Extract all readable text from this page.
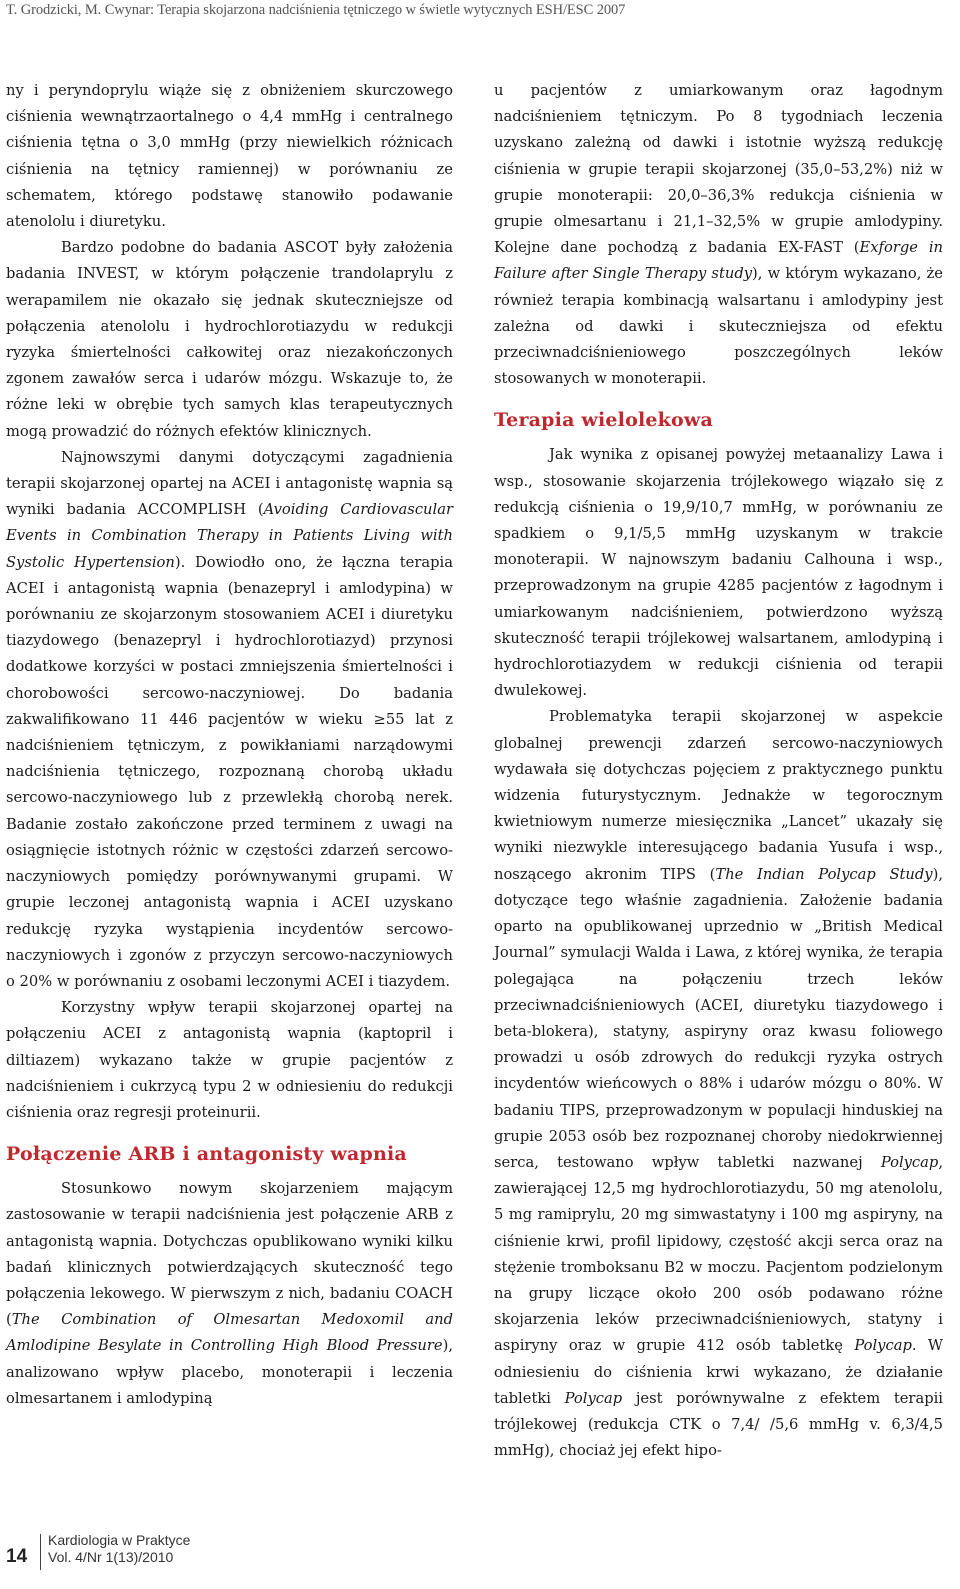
T. Grodzicki, M. Cwynar: Terapia skojarzona nadciśnienia tętniczego w świetle wytycznych ESH/ESC 2007

ny i peryndoprylu wiąże się z obniżeniem skurczowego ciśnienia wewnątrzaortalnego o 4,4 mmHg i centralnego ciśnienia tętna o 3,0 mmHg (przy niewielkich różnicach ciśnienia na tętnicy ramiennej) w porównaniu ze schematem, którego podstawę stanowiło podawanie atenololu i diuretyku.

Bardzo podobne do badania ASCOT były założenia badania INVEST, w którym połączenie trandolaprylu z werapamilem nie okazało się jednak skuteczniejsze od połączenia atenololu i hydrochlorotiazydu w redukcji ryzyka śmiertelności całkowitej oraz niezakończonych zgonem zawałów serca i udarów mózgu. Wskazuje to, że różne leki w obrębie tych samych klas terapeutycznych mogą prowadzić do różnych efektów klinicznych.

Najnowszymi danymi dotyczącymi zagadnienia terapii skojarzonej opartej na ACEI i antagonistę wapnia są wyniki badania ACCOMPLISH (Avoiding Cardiovascular Events in Combination Therapy in Patients Living with Systolic Hypertension). Dowiodło ono, że łączna terapia ACEI i antagonistą wapnia (benazepryl i amlodypina) w porównaniu ze skojarzonym stosowaniem ACEI i diuretyku tiazydowego (benazepryl i hydrochlorotiazyd) przynosi dodatkowe korzyści w postaci zmniejszenia śmiertelności i chorobowości sercowo-naczyniowej. Do badania zakwalifikowano 11 446 pacjentów w wieku ≥55 lat z nadciśnieniem tętniczym, z powikłaniami narządowymi nadciśnienia tętniczego, rozpoznaną chorobą układu sercowo-naczyniowego lub z przewlekłą chorobą nerek. Badanie zostało zakończone przed terminem z uwagi na osiągnięcie istotnych różnic w częstości zdarzeń sercowo-naczyniowych pomiędzy porównywanymi grupami. W grupie leczonej antagonistą wapnia i ACEI uzyskano redukcję ryzyka wystąpienia incydentów sercowo-naczyniowych i zgonów z przyczyn sercowo-naczyniowych o 20% w porównaniu z osobami leczonymi ACEI i tiazydem.

Korzystny wpływ terapii skojarzonej opartej na połączeniu ACEI z antagonistą wapnia (kaptopril i diltiazem) wykazano także w grupie pacjentów z nadciśnieniem i cukrzycą typu 2 w odniesieniu do redukcji ciśnienia oraz regresji proteinurii.

Połączenie ARB i antagonisty wapnia

Stosunkowo nowym skojarzeniem mającym zastosowanie w terapii nadciśnienia jest połączenie ARB z antagonistą wapnia. Dotychczas opublikowano wyniki kilku badań klinicznych potwierdzających skuteczność tego połączenia lekowego. W pierwszym z nich, badaniu COACH (The Combination of Olmesartan Medoxomil and Amlodipine Besylate in Controlling High Blood Pressure), analizowano wpływ placebo, monoterapii i leczenia olmesartanem i amlodypiną

u pacjentów z umiarkowanym oraz łagodnym nadciśnieniem tętniczym. Po 8 tygodniach leczenia uzyskano zależną od dawki i istotnie wyższą redukcję ciśnienia w grupie terapii skojarzonej (35,0–53,2%) niż w grupie monoterapii: 20,0–36,3% redukcja ciśnienia w grupie olmesartanu i 21,1–32,5% w grupie amlodypiny. Kolejne dane pochodzą z badania EX-FAST (Exforge in Failure after Single Therapy study), w którym wykazano, że również terapia kombinacją walsartanu i amlodypiny jest zależna od dawki i skuteczniejsza od efektu przeciwnadciśnieniowego poszczególnych leków stosowanych w monoterapii.

Terapia wielolekowa

Jak wynika z opisanej powyżej metaanalizy Lawa i wsp., stosowanie skojarzenia trójlekowego wiązało się z redukcją ciśnienia o 19,9/10,7 mmHg, w porównaniu ze spadkiem o 9,1/5,5 mmHg uzyskanym w trakcie monoterapii. W najnowszym badaniu Calhouna i wsp., przeprowadzonym na grupie 4285 pacjentów z łagodnym i umiarkowanym nadciśnieniem, potwierdzono wyższą skuteczność terapii trójlekowej walsartanem, amlodypiną i hydrochlorotiazydem w redukcji ciśnienia od terapii dwulekowej.

Problematyka terapii skojarzonej w aspekcie globalnej prewencji zdarzeń sercowo-naczyniowych wydawała się dotychczas pojęciem z praktycznego punktu widzenia futurystycznym. Jednakże w tegorocznym kwietniowym numerze miesięcznika „Lancet” ukazały się wyniki niezwykle interesującego badania Yusufa i wsp., noszącego akronim TIPS (The Indian Polycap Study), dotyczące tego właśnie zagadnienia. Założenie badania oparto na opublikowanej uprzednio w „British Medical Journal” symulacji Walda i Lawa, z której wynika, że terapia polegająca na połączeniu trzech leków przeciwnadciśnieniowych (ACEI, diuretyku tiazydowego i beta-blokera), statyny, aspiryny oraz kwasu foliowego prowadzi u osób zdrowych do redukcji ryzyka ostrych incydentów wieńcowych o 88% i udarów mózgu o 80%. W badaniu TIPS, przeprowadzonym w populacji hinduskiej na grupie 2053 osób bez rozpoznanej choroby niedokrwiennej serca, testowano wpływ tabletki nazwanej Polycap, zawierającej 12,5 mg hydrochlorotiazydu, 50 mg atenololu, 5 mg ramiprylu, 20 mg simwastatyny i 100 mg aspiryny, na ciśnienie krwi, profil lipidowy, częstość akcji serca oraz na stężenie tromboksanu B2 w moczu. Pacjentom podzielonym na grupy liczące około 200 osób podawano różne skojarzenia leków przeciwnadciśnieniowych, statyny i aspiryny oraz w grupie 412 osób tabletkę Polycap. W odniesieniu do ciśnienia krwi wykazano, że działanie tabletki Polycap jest porównywalne z efektem terapii trójlekowej (redukcja CTK o 7,4/ /5,6 mmHg v. 6,3/4,5 mmHg), chociaż jej efekt hipo-

14
Kardiologia w Praktyce
Vol. 4/Nr 1(13)/2010
